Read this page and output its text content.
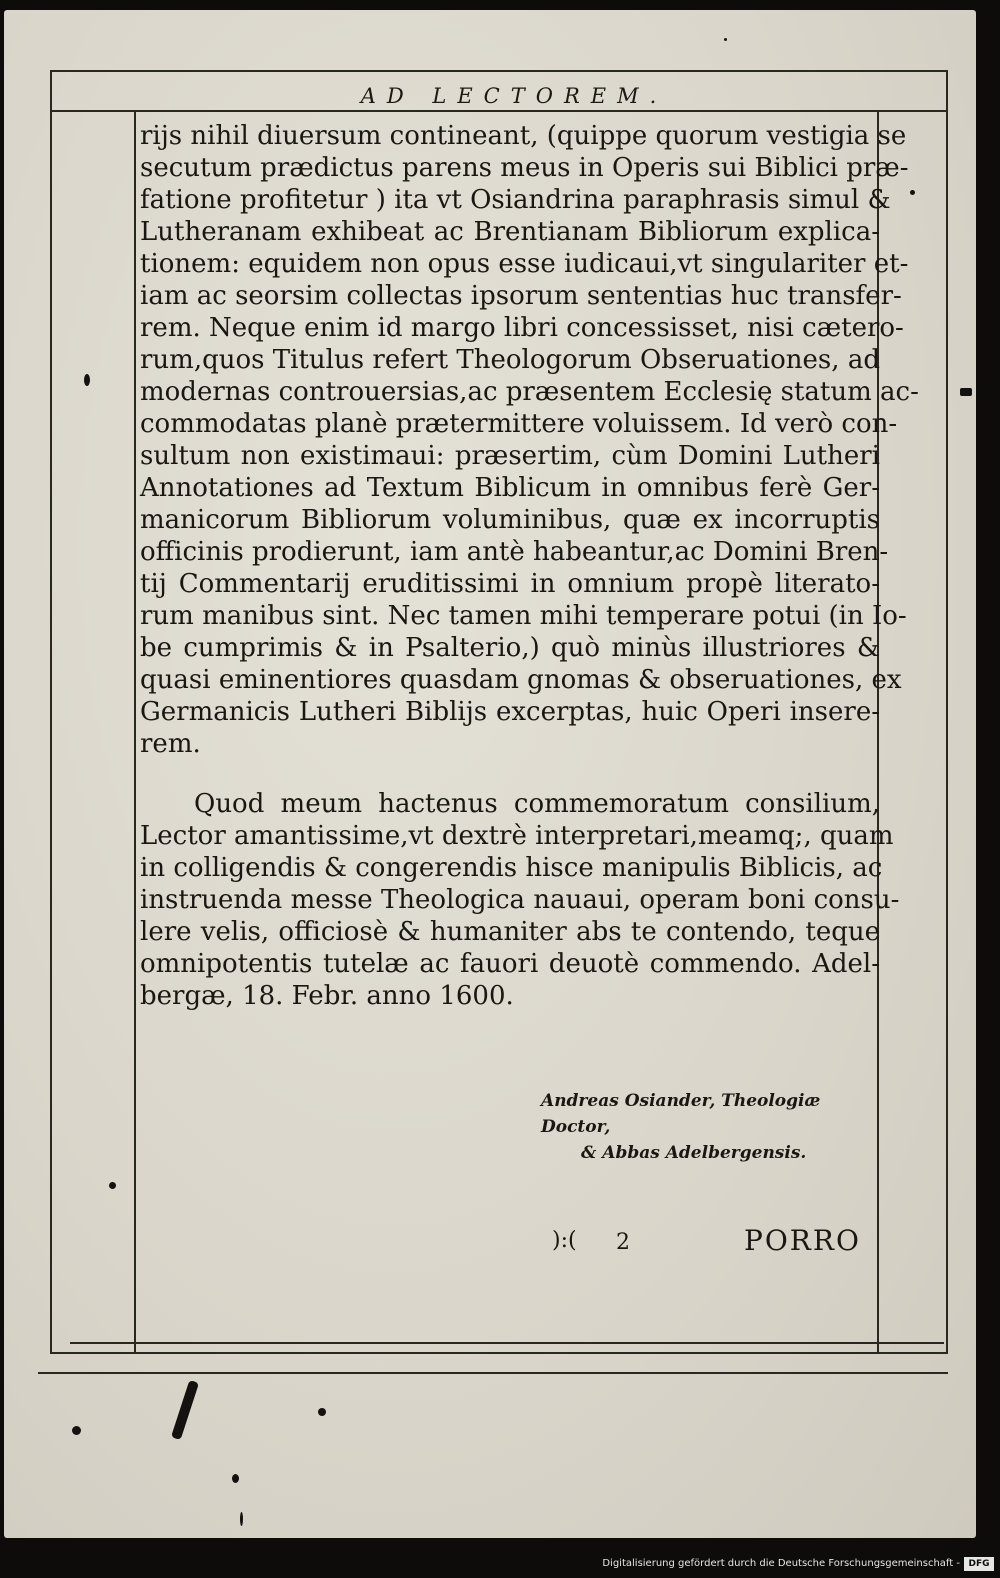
AD LECTOREM.
rijs nihil diuersum contineant, (quippe quorum vestigia se
secutum prædictus parens meus in Operis sui Biblici præ-
fatione profitetur ) ita vt Osiandrina paraphrasis simul &
Lutheranam exhibeat ac Brentianam Bibliorum explica-
tionem: equidem non opus esse iudicaui,vt singulariter et-
iam ac seorsim collectas ipsorum sententias huc transfer-
rem. Neque enim id margo libri concessisset, nisi cætero-
rum,quos Titulus refert Theologorum Obseruationes, ad
modernas controuersias,ac præsentem Ecclesię statum ac-
commodatas planè prætermittere voluissem. Id verò con-
sultum non existimaui: præsertim, cùm Domini Lutheri
Annotationes ad Textum Biblicum in omnibus ferè Ger-
manicorum Bibliorum voluminibus, quæ ex incorruptis
officinis prodierunt, iam antè habeantur,ac Domini Bren-
tij Commentarij eruditissimi in omnium propè literato-
rum manibus sint. Nec tamen mihi temperare potui (in Io-
be cumprimis & in Psalterio,) quò minùs illustriores &
quasi eminentiores quasdam gnomas & obseruationes, ex
Germanicis Lutheri Biblijs excerptas, huic Operi insere-
rem.
Quod meum hactenus commemoratum consilium,
Lector amantissime,vt dextrè interpretari,meamq;, quam
in colligendis & congerendis hisce manipulis Biblicis, ac
instruenda messe Theologica nauaui, operam boni consu-
lere velis, officiosè & humaniter abs te contendo, teque
omnipotentis tutelæ ac fauori deuotè commendo. Adel-
bergæ, 18. Febr. anno 1600.
Andreas Osiander, Theologiæ Doctor,
& Abbas Adelbergensis.
):( 2	PORRO
Digitalisierung gefördert durch die Deutsche Forschungsgemeinschaft - DFG
